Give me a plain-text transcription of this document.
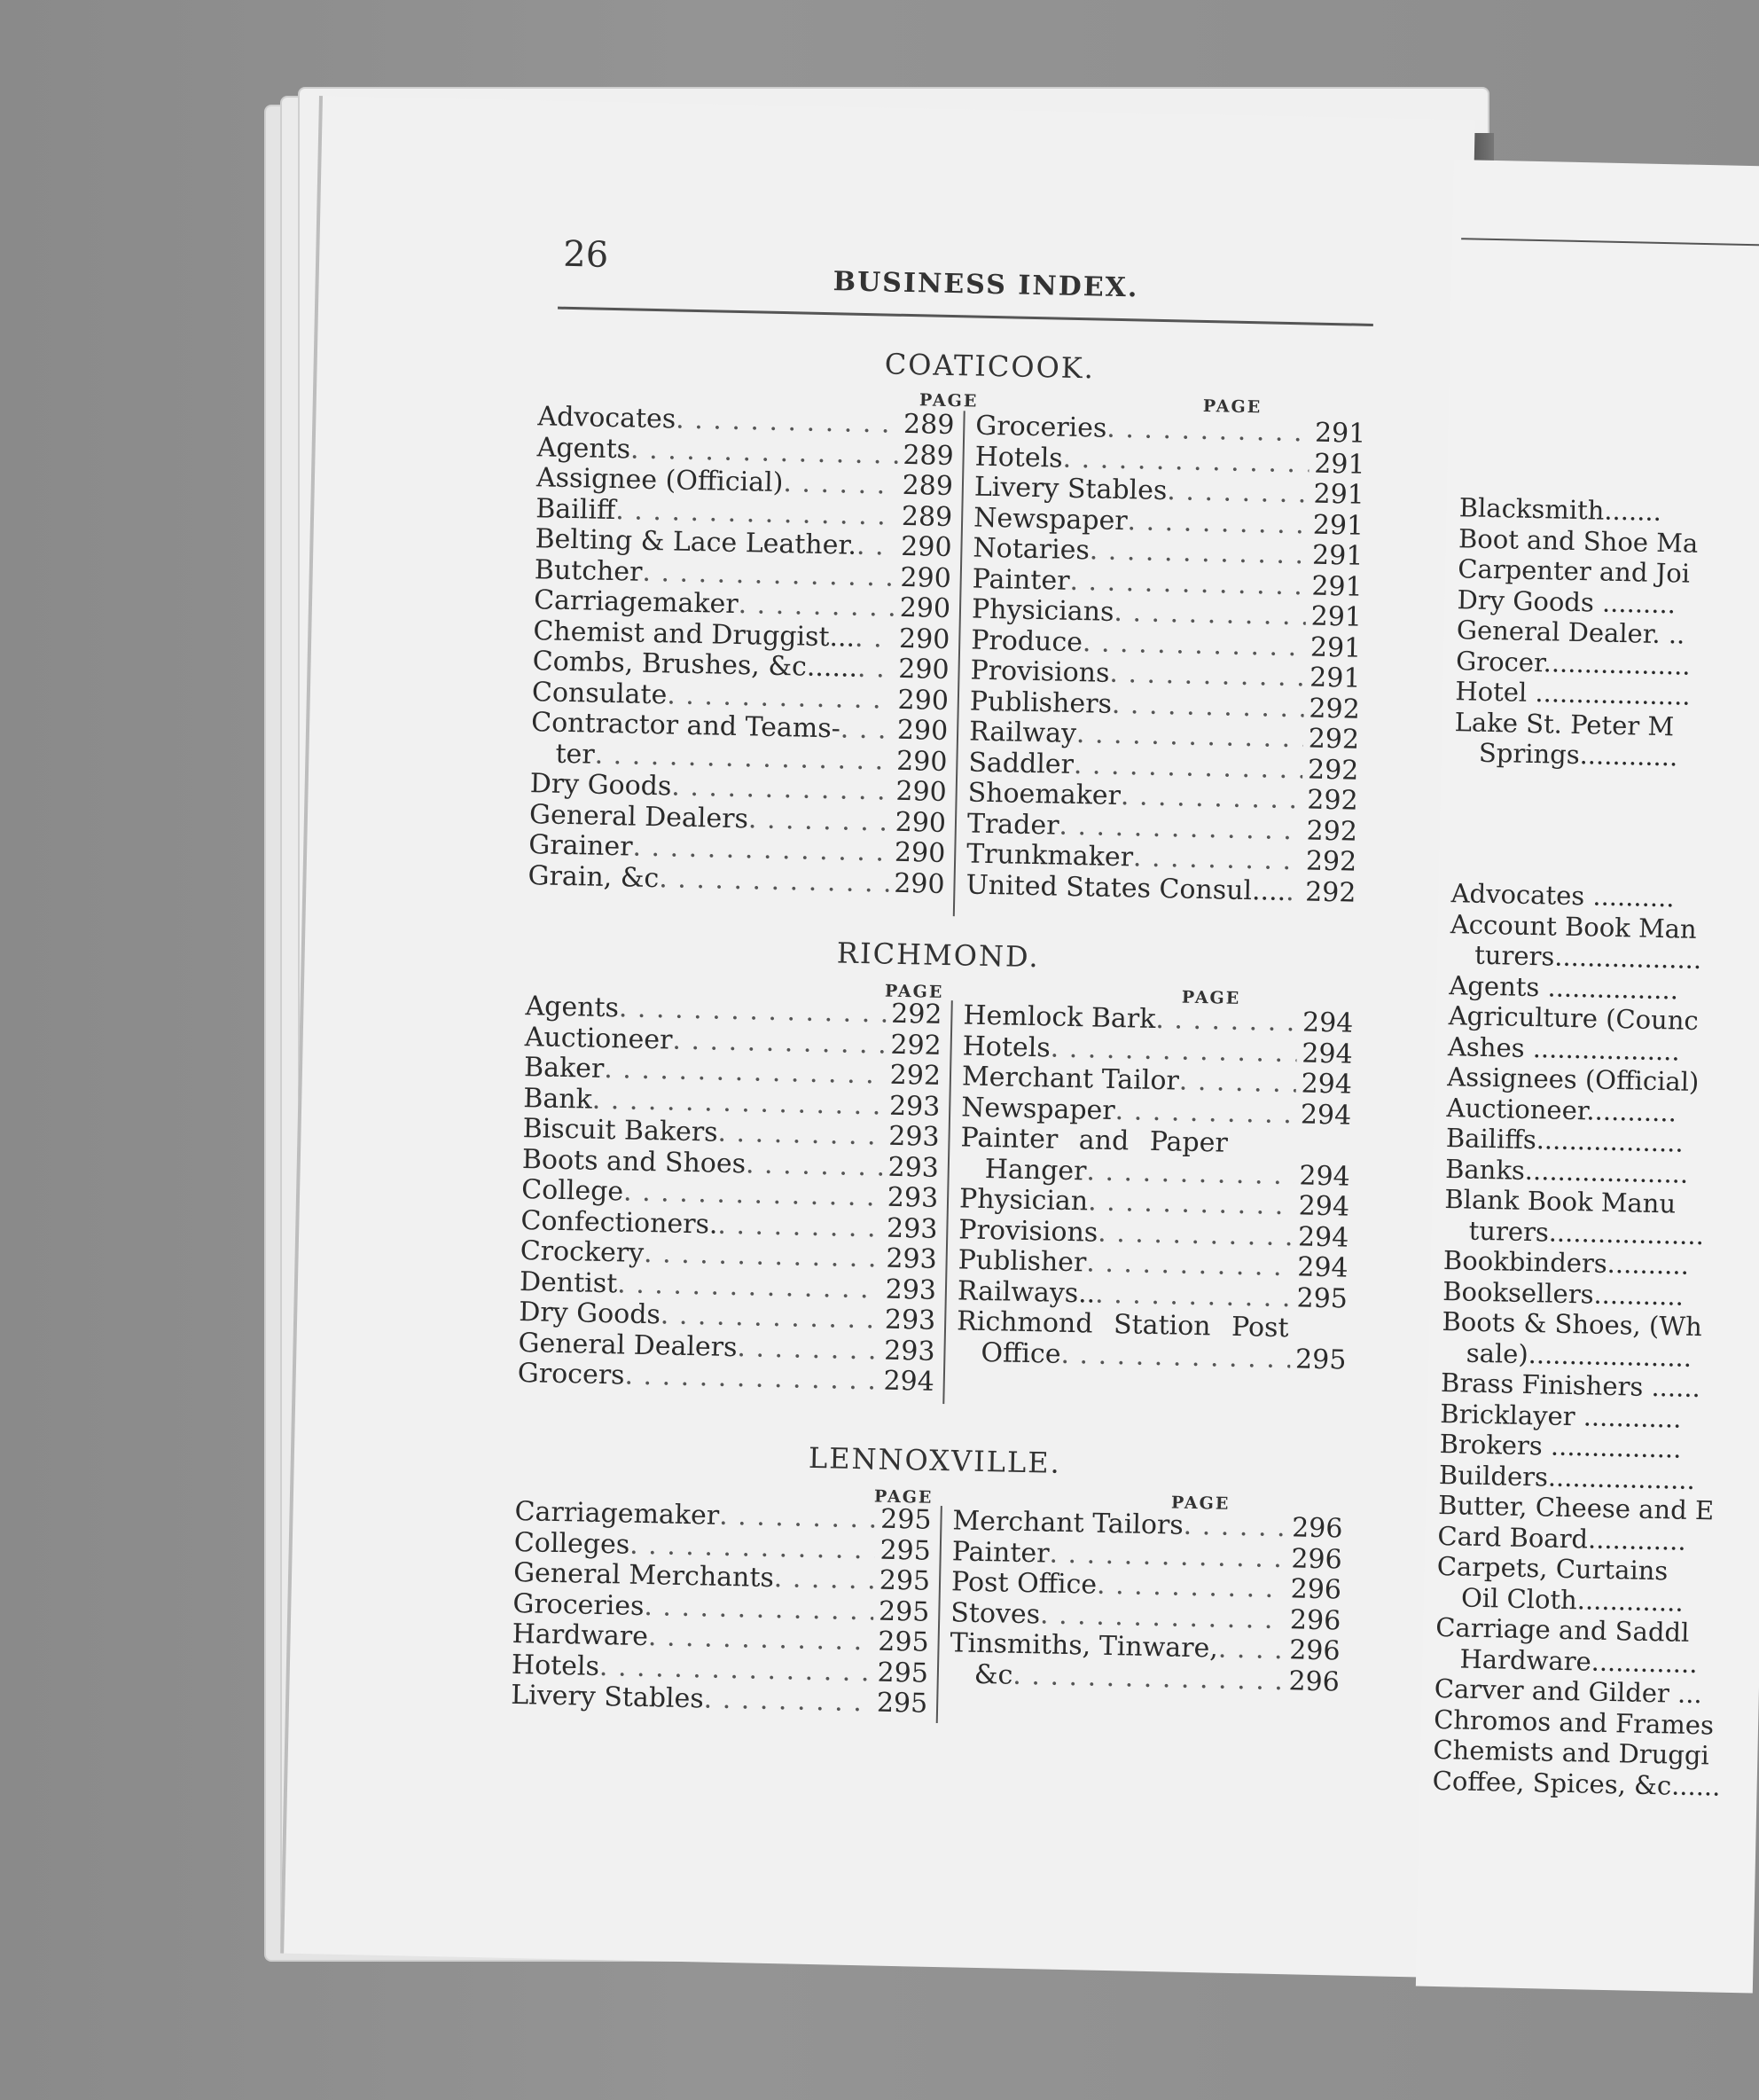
26
BUSINESS INDEX.
COATICOOK.
PAGE	PAGE
Advocates . . .	289
Agents . . .	289
Assignee (Official) . . .	289
Bailiff . . .	289
Belting & Lace Leather. . . . 290
Butcher . . .	290
Carriagemaker . . .	290
Chemist and Druggist... . . . 290
Combs, Brushes, &c...... . . . 290
Consulate . . .	290
Contractor and Teams- . . . 290
ter . . .	290
Dry Goods . . .	290
General Dealers . . .	290
Grainer . . .	290
Grain, &c . . .	290
Groceries . . .	291
Hotels . . .	291
Livery Stables . . .	291
Newspaper . . .	291
Notaries . . .	291
Painter . . .	291
Physicians . . .	291
Produce . . .	291
Provisions . . .	291
Publishers . . .	292
Railway . . .	292
Saddler . . .	292
Shoemaker . . .	292
Trader . . .	292
Trunkmaker . . .	292
United States Consul.... . . . 292
RICHMOND.
PAGE	PAGE
Agents . . .	292
Auctioneer . . .	292
Baker . . .	292
Bank . . .	293
Biscuit Bakers . . .	293
Boots and Shoes . . .	293
College . . .	293
Confectioners. . . .	293
Crockery . . .	293
Dentist . . .	293
Dry Goods . . .	293
General Dealers . . .	293
Grocers . . .	294
Hemlock Bark . . .	294
Hotels . . .	294
Merchant Tailor . . .	294
Newspaper . . .	294
Painter and Paper
Hanger . . .	294
Physician . . .	294
Provisions . . .	294
Publisher . . .	294
Railways.. . . .	295
Richmond Station Post
Office . . .	295
LENNOXVILLE.
PAGE	PAGE
Carriagemaker . . .	295
Colleges . . .	295
General Merchants . . .	295
Groceries . . .	295
Hardware . . .	295
Hotels . . .	295
Livery Stables . . .	295
Merchant Tailors . . .	296
Painter . . .	296
Post Office . . .	296
Stoves . . .	296
Tinsmiths, Tinware, . . .	296
&c . . .	296
Blacksmith.......
Boot and Shoe Ma
Carpenter and Joi
Dry Goods .........
General Dealer. ..
Grocer..................
Hotel ...................
Lake St. Peter M
Springs............
Advocates ..........
Account Book Man
turers..................
Agents ................
Agriculture (Counc
Ashes ..................
Assignees (Official)
Auctioneer...........
Bailiffs..................
Banks....................
Blank Book Manu
turers...................
Bookbinders..........
Booksellers...........
Boots & Shoes, (Wh
sale)....................
Brass Finishers ......
Bricklayer ............
Brokers ................
Builders..................
Butter, Cheese and E
Card Board............
Carpets, Curtains
Oil Cloth.............
Carriage and Saddl
Hardware.............
Carver and Gilder ...
Chromos and Frames
Chemists and Druggi
Coffee, Spices, &c......
